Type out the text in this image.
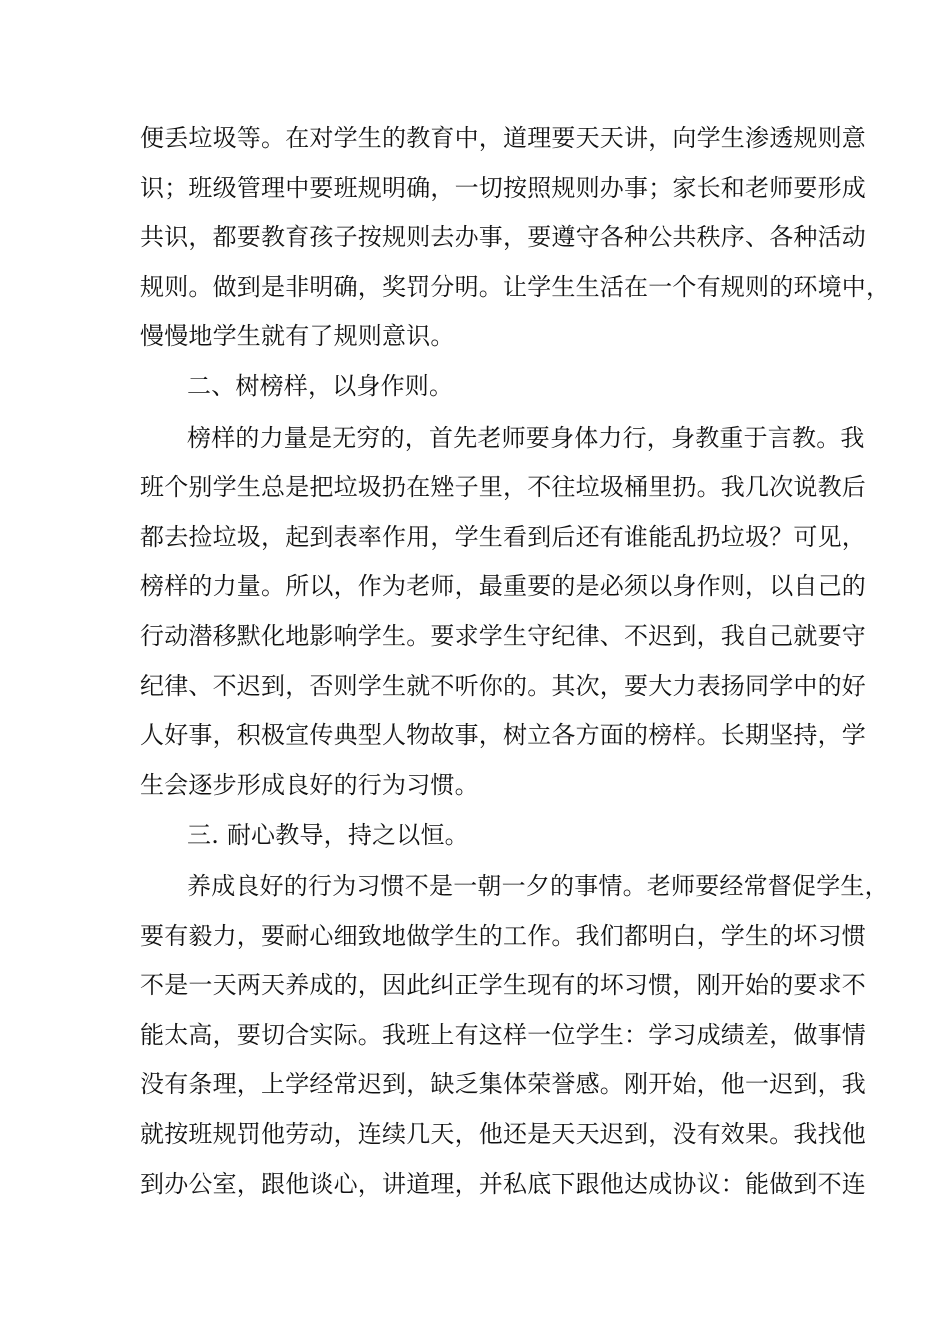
便丢垃圾等。在对学生的教育中，道理要天天讲，向学生渗透规则意
识；班级管理中要班规明确，一切按照规则办事；家长和老师要形成
共识，都要教育孩子按规则去办事，要遵守各种公共秩序、各种活动
规则。做到是非明确，奖罚分明。让学生生活在一个有规则的环境中，
慢慢地学生就有了规则意识。
二、树榜样，以身作则。
榜样的力量是无穷的，首先老师要身体力行，身教重于言教。我
班个别学生总是把垃圾扔在矬子里，不往垃圾桶里扔。我几次说教后
都去捡垃圾，起到表率作用，学生看到后还有谁能乱扔垃圾？可见，
榜样的力量。所以，作为老师，最重要的是必须以身作则，以自己的
行动潜移默化地影响学生。要求学生守纪律、不迟到，我自己就要守
纪律、不迟到，否则学生就不听你的。其次，要大力表扬同学中的好
人好事，积极宣传典型人物故事，树立各方面的榜样。长期坚持，学
生会逐步形成良好的行为习惯。
三. 耐心教导，持之以恒。
养成良好的行为习惯不是一朝一夕的事情。老师要经常督促学生，
要有毅力，要耐心细致地做学生的工作。我们都明白，学生的坏习惯
不是一天两天养成的，因此纠正学生现有的坏习惯，刚开始的要求不
能太高，要切合实际。我班上有这样一位学生：学习成绩差，做事情
没有条理，上学经常迟到，缺乏集体荣誉感。刚开始，他一迟到，我
就按班规罚他劳动，连续几天，他还是天天迟到，没有效果。我找他
到办公室，跟他谈心，讲道理，并私底下跟他达成协议：能做到不连
